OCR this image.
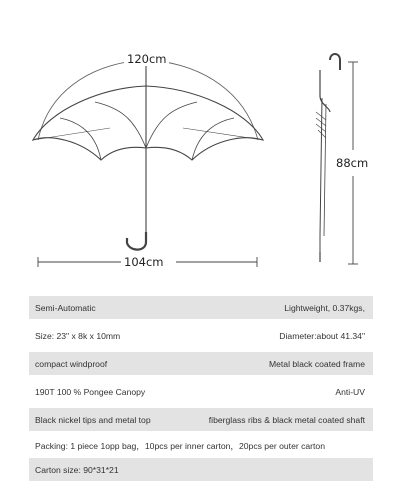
120cm
104cm
88cm
Semi-Automatic	Lightweight, 0.37kgs,
Size: 23" x 8k x 10mm	Diameter:about 41.34"
compact windproof	Metal black coated frame
190T 100 % Pongee Canopy	Anti-UV
Black nickel tips and metal top	fiberglass ribs & black metal coated shaft
Packing: 1 piece 1opp bag，10pcs per inner carton，20pcs per outer carton
Carton size: 90*31*21
